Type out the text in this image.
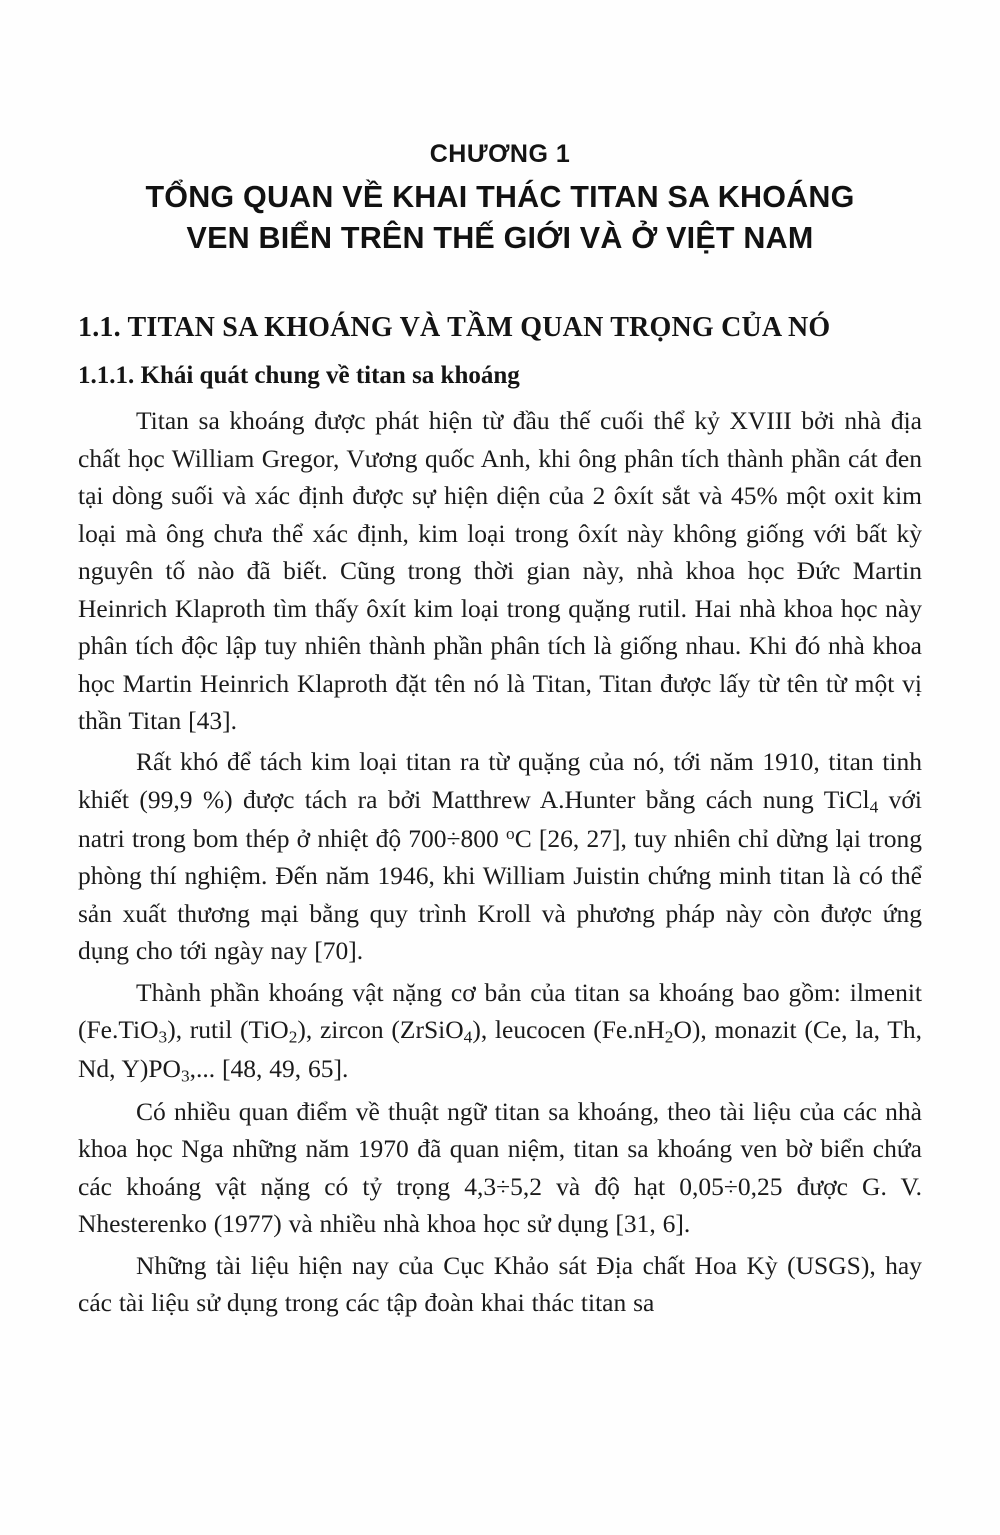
CHƯƠNG 1
TỔNG QUAN VỀ KHAI THÁC TITAN SA KHOÁNG
VEN BIỂN TRÊN THẾ GIỚI VÀ Ở VIỆT NAM
1.1. TITAN SA KHOÁNG VÀ TẦM QUAN TRỌNG CỦA NÓ
1.1.1. Khái quát chung về titan sa khoáng

Titan sa khoáng được phát hiện từ đầu thế cuối thể kỷ XVIII bởi nhà địa chất học William Gregor, Vương quốc Anh, khi ông phân tích thành phần cát đen tại dòng suối và xác định được sự hiện diện của 2 ôxít sắt và 45% một oxit kim loại mà ông chưa thể xác định, kim loại trong ôxít này không giống với bất kỳ nguyên tố nào đã biết. Cũng trong thời gian này, nhà khoa học Đức Martin Heinrich Klaproth tìm thấy ôxít kim loại trong quặng rutil. Hai nhà khoa học này phân tích độc lập tuy nhiên thành phần phân tích là giống nhau. Khi đó nhà khoa học Martin Heinrich Klaproth đặt tên nó là Titan, Titan được lấy từ tên từ một vị thần Titan [43].

Rất khó để tách kim loại titan ra từ quặng của nó, tới năm 1910, titan tinh khiết (99,9 %) được tách ra bởi Matthrew A.Hunter bằng cách nung TiCl$_4$ với natri trong bom thép ở nhiệt độ 700÷800 $^o$C [26, 27], tuy nhiên chỉ dừng lại trong phòng thí nghiệm. Đến năm 1946, khi William Juistin chứng minh titan là có thể sản xuất thương mại bằng quy trình Kroll và phương pháp này còn được ứng dụng cho tới ngày nay [70].

Thành phần khoáng vật nặng cơ bản của titan sa khoáng bao gồm: ilmenit (Fe.TiO$_3$), rutil (TiO$_2$), zircon (ZrSiO$_4$), leucocen $(Fe.nH_2O)$, monazit (Ce, la, Th, Nd, $Y)PO_3$,... [48, 49, 65].

Có nhiều quan điểm về thuật ngữ titan sa khoáng, theo tài liệu của các nhà khoa học Nga những năm 1970 đã quan niệm, titan sa khoáng ven bờ biển chứa các khoáng vật nặng có tỷ trọng 4,3÷5,2 và độ hạt 0,05÷0,25 được G. V. Nhesterenko (1977) và nhiều nhà khoa học sử dụng [31, 6].

Những tài liệu hiện nay của Cục Khảo sát Địa chất Hoa Kỳ (USGS), hay các tài liệu sử dụng trong các tập đoàn khai thác titan sa
